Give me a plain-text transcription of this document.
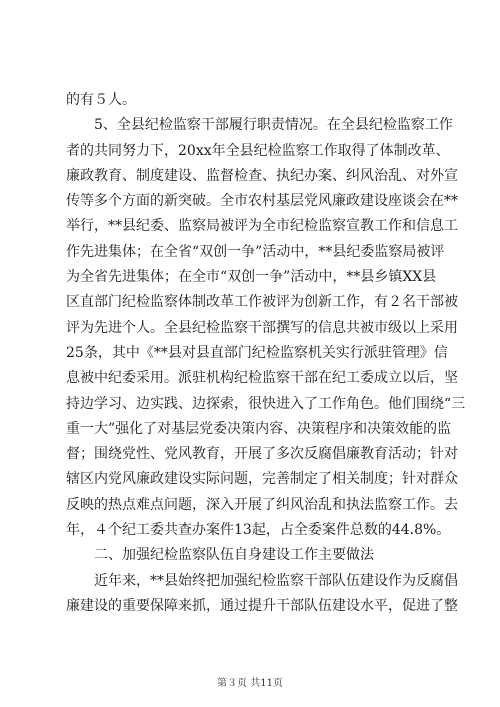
的有５人。
5、全县纪检监察干部履行职责情况。在全县纪检监察工作
者的共同努力下，20xx年全县纪检监察工作取得了体制改革、
廉政教育、制度建设、监督检查、执纪办案、纠风治乱、对外宣
传等多个方面的新突破。全市农村基层党风廉政建设座谈会在**
举行，**县纪委、监察局被评为全市纪检监察宣教工作和信息工
作先进集体；在全省“双创一争”活动中，**县纪委监察局被评
为全省先进集体；在全市“双创一争”活动中，**县乡镇XX县
区直部门纪检监察体制改革工作被评为创新工作，有２名干部被
评为先进个人。全县纪检监察干部撰写的信息共被市级以上采用
25条，其中《**县对县直部门纪检监察机关实行派驻管理》信
息被中纪委采用。派驻机构纪检监察干部在纪工委成立以后，坚
持边学习、边实践、边探索，很快进入了工作角色。他们围绕“三
重一大”强化了对基层党委决策内容、决策程序和决策效能的监
督；围绕党性、党风教育，开展了多次反腐倡廉教育活动；针对
辖区内党风廉政建设实际问题，完善制定了相关制度；针对群众
反映的热点难点问题，深入开展了纠风治乱和执法监察工作。去
年，４个纪工委共查办案件13起，占全委案件总数的44.8%。
二、加强纪检监察队伍自身建设工作主要做法
近年来，**县始终把加强纪检监察干部队伍建设作为反腐倡
廉建设的重要保障来抓，通过提升干部队伍建设水平，促进了整
第３页 共11页
